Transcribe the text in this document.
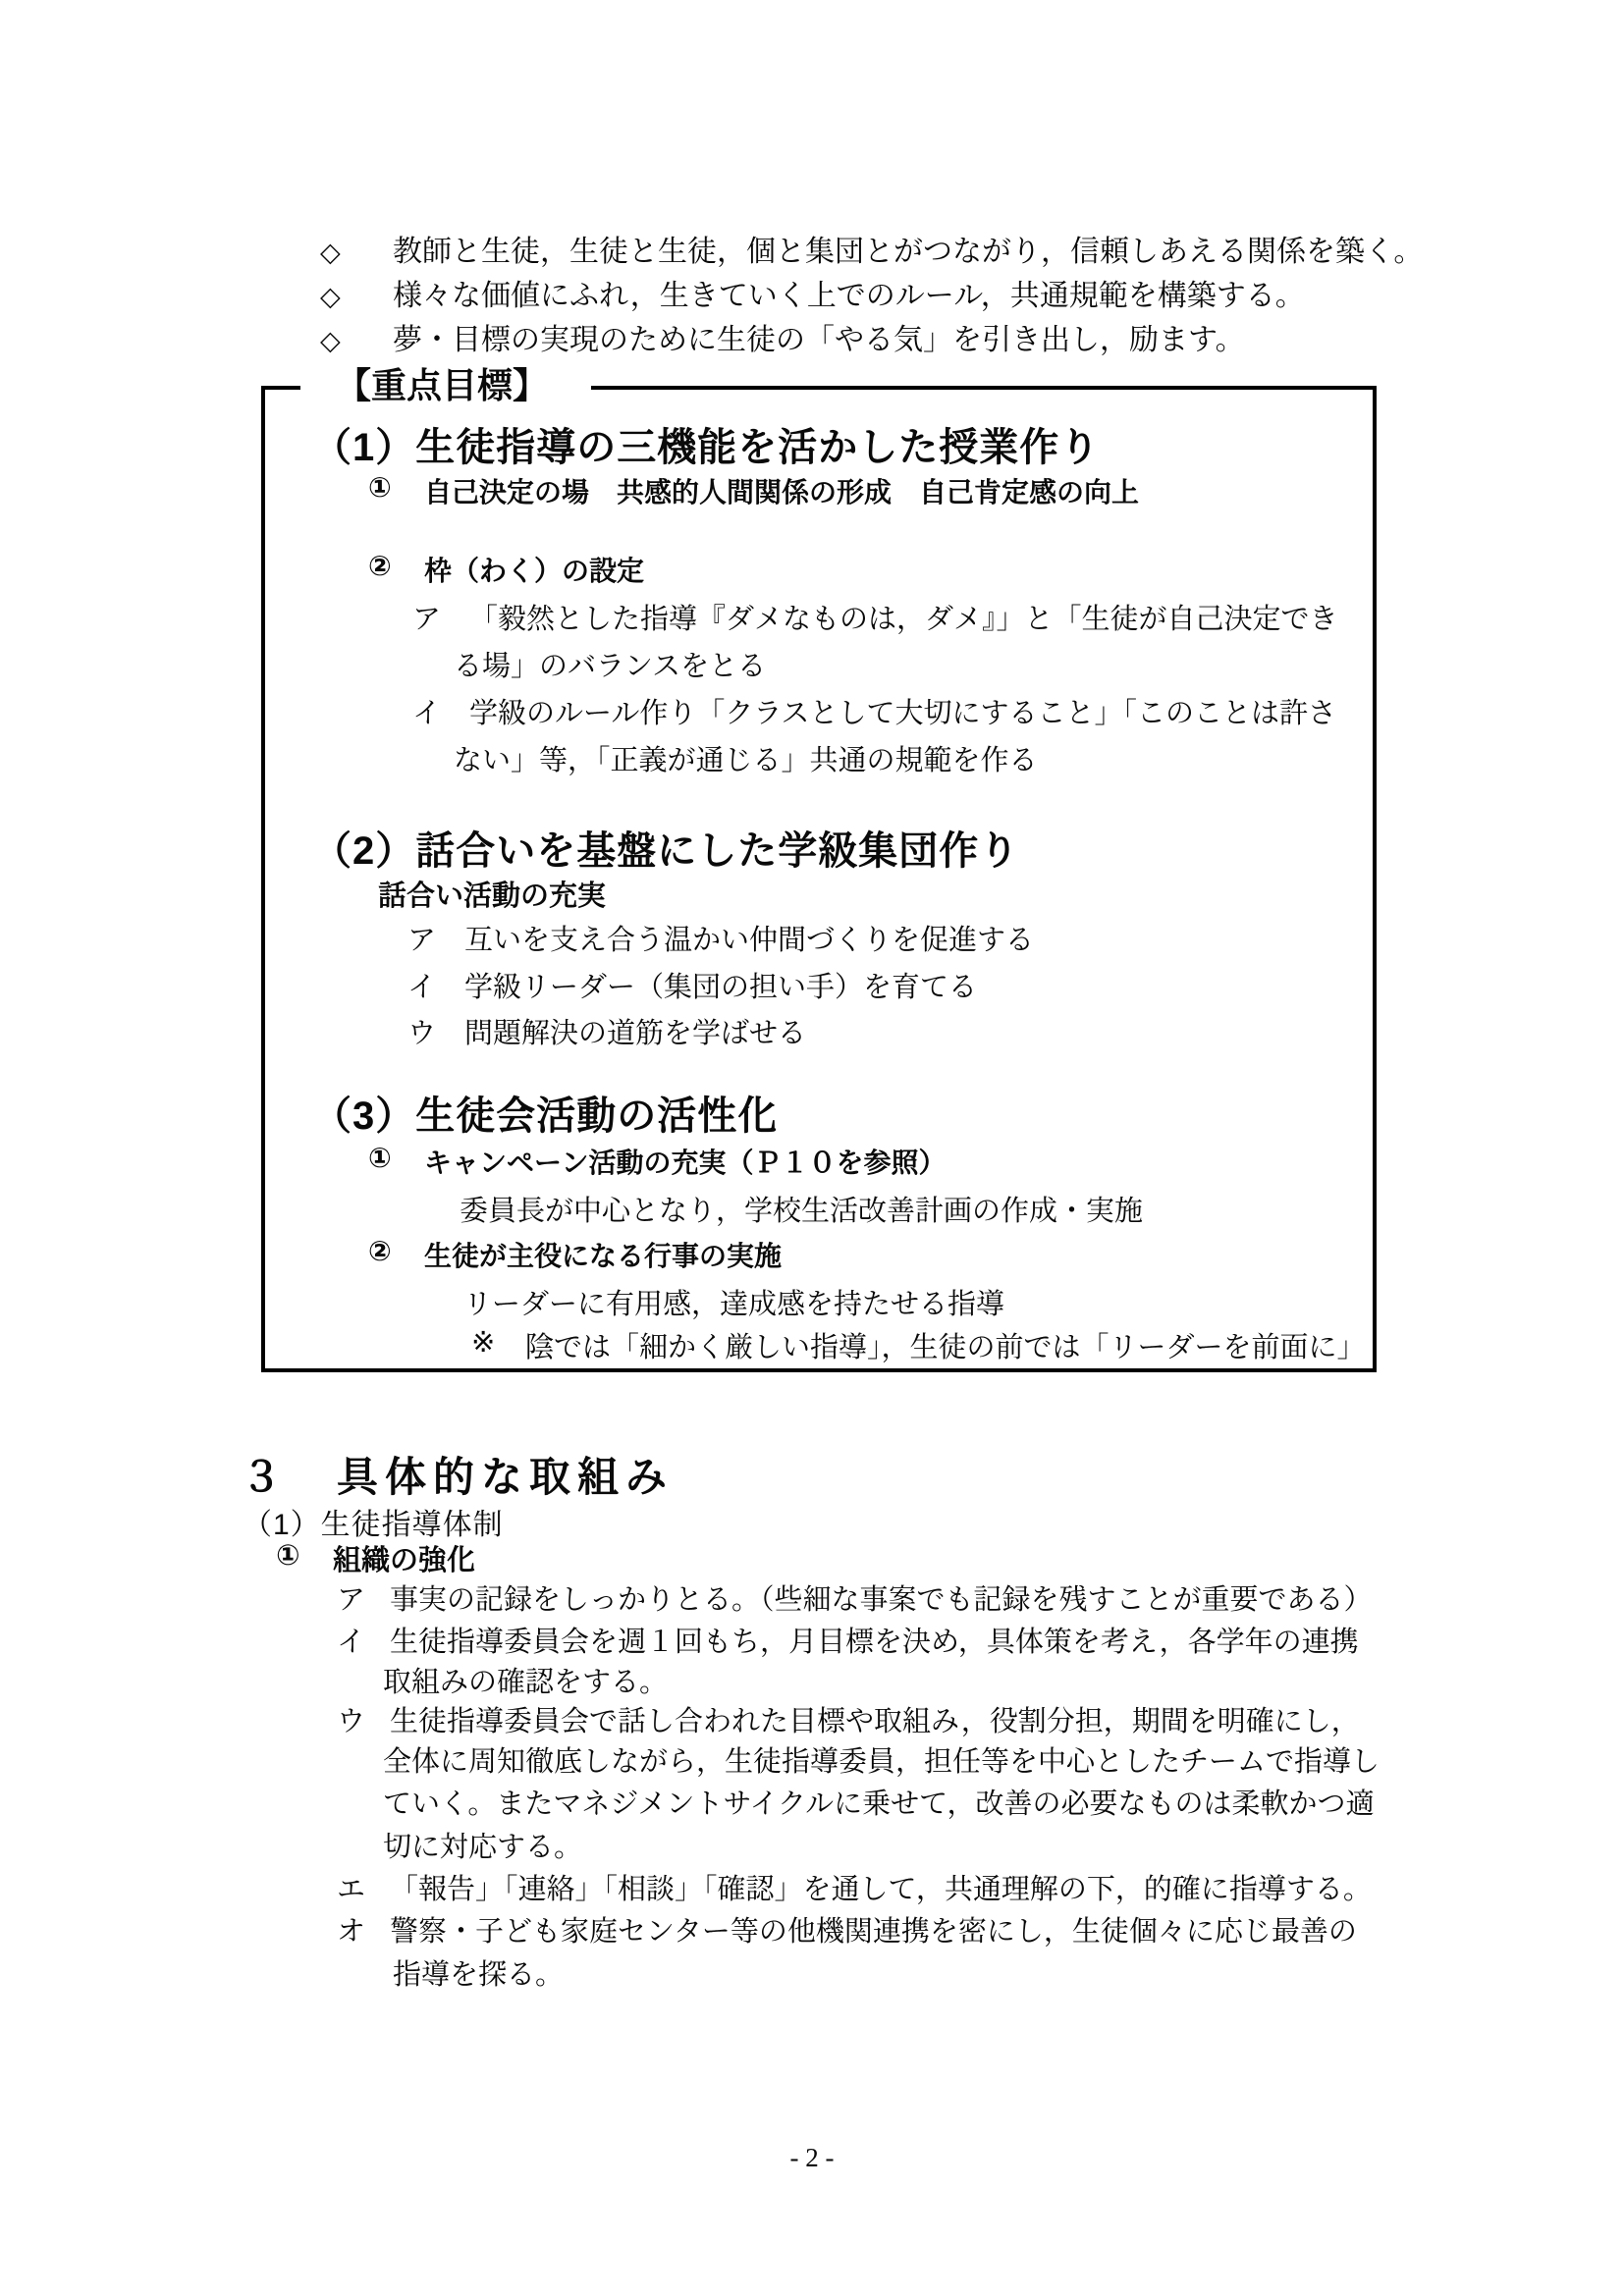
◇	教師と生徒，生徒と生徒，個と集団とがつながり，信頼しあえる関係を築く。
◇	様々な価値にふれ，生きていく上でのルール，共通規範を構築する。
◇	夢・目標の実現のために生徒の「やる気」を引き出し，励ます。
【重点目標】
（1）生徒指導の三機能を活かした授業作り
①	自己決定の場　共感的人間関係の形成　自己肯定感の向上
②	枠（わく）の設定
ア 「毅然とした指導『ダメなものは，ダメ』」と「生徒が自己決定でき
る場」のバランスをとる
イ 学級のルール作り「クラスとして大切にすること」「このことは許さ
ない」等，「正義が通じる」共通の規範を作る
（2）話合いを基盤にした学級集団作り
話合い活動の充実
ア 互いを支え合う温かい仲間づくりを促進する
イ 学級リーダー（集団の担い手）を育てる
ウ 問題解決の道筋を学ばせる
（3）生徒会活動の活性化
①	キャンペーン活動の充実（Ｐ１０を参照）
委員長が中心となり，学校生活改善計画の作成・実施
②	生徒が主役になる行事の実施
リーダーに有用感，達成感を持たせる指導
※	陰では「細かく厳しい指導」，生徒の前では「リーダーを前面に」
３　具体的な取組み
（1）生徒指導体制
①	組織の強化
ア 事実の記録をしっかりとる。（些細な事案でも記録を残すことが重要である）
イ 生徒指導委員会を週１回もち，月目標を決め，具体策を考え，各学年の連携
取組みの確認をする。
ウ 生徒指導委員会で話し合われた目標や取組み，役割分担，期間を明確にし，
全体に周知徹底しながら，生徒指導委員，担任等を中心としたチームで指導し
ていく。またマネジメントサイクルに乗せて，改善の必要なものは柔軟かつ適
切に対応する。
エ 「報告」「連絡」「相談」「確認」を通して，共通理解の下，的確に指導する。
オ 警察・子ども家庭センター等の他機関連携を密にし，生徒個々に応じ最善の
指導を探る。
- 2 -
